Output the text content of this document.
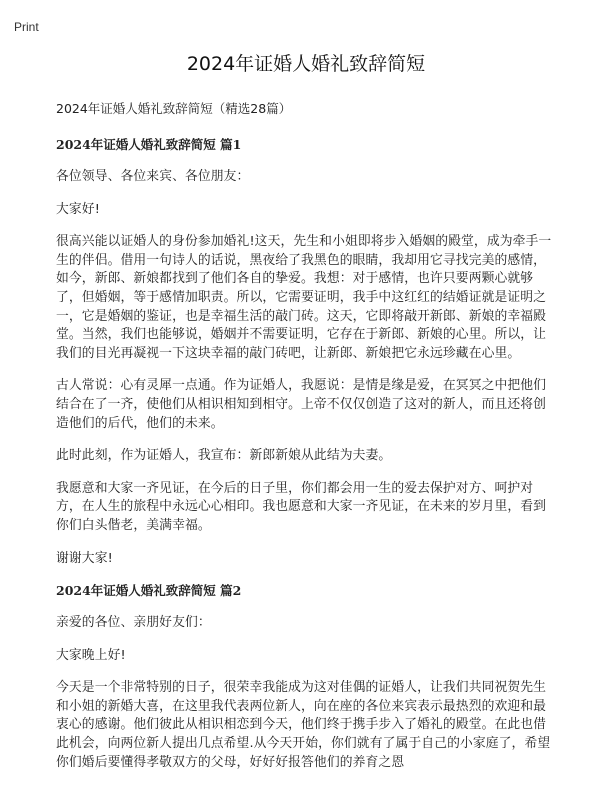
Print
2024年证婚人婚礼致辞简短
2024年证婚人婚礼致辞简短（精选28篇）
2024年证婚人婚礼致辞简短 篇1
各位领导、各位来宾、各位朋友：
大家好!
很高兴能以证婚人的身份参加婚礼!这天，先生和小姐即将步入婚姻的殿堂，成为牵手一生的伴侣。借用一句诗人的话说，黑夜给了我黑色的眼睛，我却用它寻找完美的感情，如今，新郎、新娘都找到了他们各自的挚爱。我想：对于感情，也许只要两颗心就够了，但婚姻，等于感情加职责。所以，它需要证明，我手中这红红的结婚证就是证明之一，它是婚姻的鉴证，也是幸福生活的敲门砖。这天，它即将敲开新郎、新娘的幸福殿堂。当然，我们也能够说，婚姻并不需要证明，它存在于新郎、新娘的心里。所以，让我们的目光再凝视一下这块幸福的敲门砖吧，让新郎、新娘把它永远珍藏在心里。
古人常说：心有灵犀一点通。作为证婚人，我愿说：是情是缘是爱，在冥冥之中把他们结合在了一齐，使他们从相识相知到相守。上帝不仅仅创造了这对的新人，而且还将创造他们的后代，他们的未来。
此时此刻，作为证婚人，我宣布：新郎新娘从此结为夫妻。
我愿意和大家一齐见证，在今后的日子里，你们都会用一生的爱去保护对方、呵护对方，在人生的旅程中永远心心相印。我也愿意和大家一齐见证，在未来的岁月里，看到你们白头偕老，美满幸福。
谢谢大家!
2024年证婚人婚礼致辞简短 篇2
亲爱的各位、亲朋好友们：
大家晚上好!
今天是一个非常特别的日子，很荣幸我能成为这对佳偶的证婚人，让我们共同祝贺先生和小姐的新婚大喜，在这里我代表两位新人，向在座的各位来宾表示最热烈的欢迎和最衷心的感谢。他们彼此从相识相恋到今天，他们终于携手步入了婚礼的殿堂。在此也借此机会，向两位新人提出几点希望.从今天开始，你们就有了属于自己的小家庭了，希望你们婚后要懂得孝敬双方的父母，好好好报答他们的养育之恩
